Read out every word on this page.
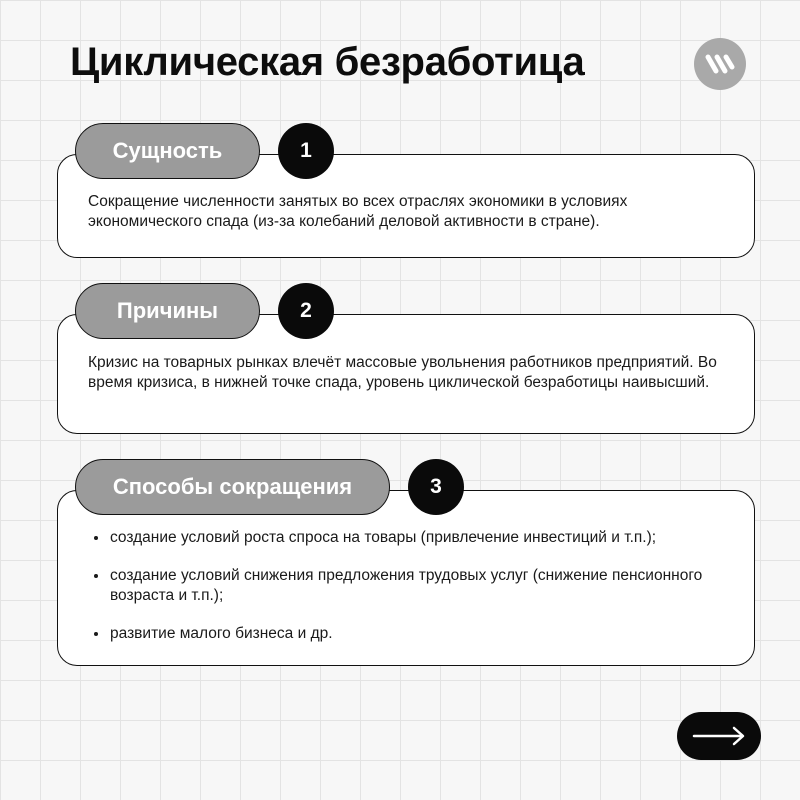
Циклическая безработица

Сокращение численности занятых во всех отраслях экономики в условиях экономического спада (из-за колебаний деловой активности в стране).

Сущность	1

Кризис на товарных рынках влечёт массовые увольнения работников предприятий. Во время кризиса, в нижней точке спада, уровень циклической безработицы наивысший.

Причины	2
создание условий роста спроса на товары (привлечение инвестиций и т.п.);
создание условий снижения предложения трудовых услуг (снижение пенсионного возраста и т.п.);
развитие малого бизнеса и др.
Способы сокращения	3
